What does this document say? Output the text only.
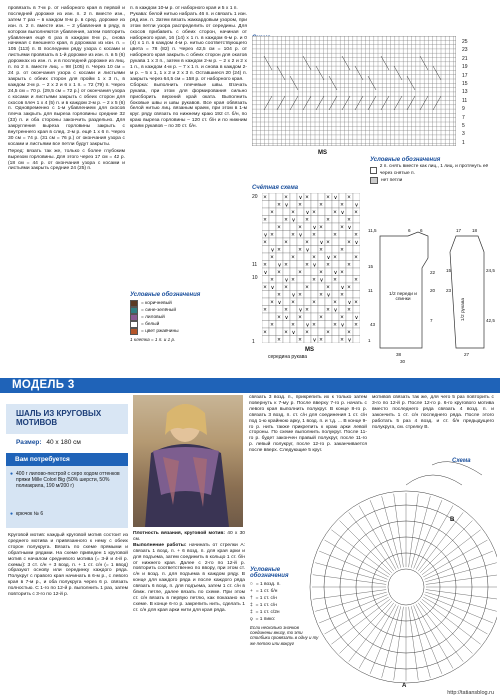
провязать в 7-м р. от наборного края в первой и последней дорожке из изн. п. 2 п. вместе изн., затем 7 раз – в каждом 8-м р. в сред. дорожке из изн. п. 2 п. вместе изн. – 2 убавления в ряду, в котором выполняются убавления, затем повторить убавления ещё 6 раз в каждом 8-м р., снова начиная с внешнего края, в дорожках из изн. п. = 105 (113) п. В последнем ряду узора с косами и листьями провязать в 1-й дорожке из изн. п. в 5 (6) дорожках из изн. п. и в последней дорожке из лиц. п. по 2 п. вместе лиц. = 98 (105) п. Через 10 см = 24 р. от окончания узора с косами и листьями закрыть с обеих сторон для пройм 1 х 3 п., в каждом 2-м р. – 2 х 2 и 6 х 1 п. = 72 (79) п. Через 24,5 см = 70 р. (29,5 см = 72 р.) от окончания узора с косами и листьями закрыть с обеих сторон для скосов плеч 1 х 4 (5) п. и в каждом 2-м р. – 2 х 5 (6) п. Одновременно с 1-м убавлением для скосов плеча закрыть для выреза горловины средние 32 (33) п. и оба стороны закончить раздельно. Для закругления выреза горловины закрыть с внутреннего края в след. 2-м р. ещё 1 х 6 п. Через 30 см = 74 р. (31 см = 76 р.) от окончания узора с косами и листьями все петли будут закрыты.

Перед: вязать так же, только с более глубоким вырезом горловины. Для этого через 17 см = 42 р. (18 см = 44 р. от окончания узора с косами и листьями закрыть средние 24 (25) п.

п. в каждом 10-м р. от наборного края и 5 х 1 п.

Рукава: белой нитью набрать 46 п. и связать 1 изн. ряд изн. п. Затем вязать жаккардовым узором, при этом петли узора распределить от середины. Для скосов прибавить с обеих сторон, начиная от наборного края, 16 (14) х 1 п. в каждом 6-м р. и 0 (4) х 1 п. в каждом 4-м р. нитью соответствующего цвета = 78 (82) п. Через 42,5 см = 104 р. от наборного края закрыть с обеих сторон для окатов рукава 1 х 3 п., затем в каждом 2-м р. – 2 х 2 и 2 х 1 п., в каждом 4-м р. – 7 х 1 п. и снова в каждом 2-м р. – 5 х 1, 1 х 2 и 2 х 3 п. Оставшиеся 20 (24) п. закрыть через 64,5 см = 158 р. от наборного края.

Сборка: выполнить плечевые швы. Втачать рукава, при этом для формирования сильно присборить верхний край оката. Выполнить боковые швы и швы рукавов. Все края обвязать белой нитью лиц. вязаным краем, при этом в 1-м круг. ряду связать по нижнему краю 192 ст. б/н, по краю выреза горловины – 120 ст. б/н и по нижним краям рукавов – по 30 ст. б/н.

25 23 21 19 17 15 13 11 9 7 5 3 1
MS
Условные обозначения
2 п. снять вместе как лиц., 1 лиц. и протянуть её через снятые п.
нет петли
Счётная схема
20
11
10
1
×	× ∨ ×	× ∨ ×
× ∨ ×	×	× ∨
×	× ∨ ×	× ∨ ×
×	× ∨ ×	×	×
×	× ∨ ×	× ∨
∨ ×	× ∨ ×	×	×
×	×	× ∨ ×	× ∨
∨ ×	× ∨ ×	×
×	×	× ∨ ×	×
× ∨ ×	× ∨ ×	×
∨ ×	×	× ∨ ×
× ∨ ×	× ∨ ×	×
× ∨ ×	×	× ∨ ×
× ∨ ×	× ∨ ×
× ∨ ×	×	× ∨ ×
×	× ∨ ×	× ∨ ×
× ∨ ×	×	× ∨
×	× ∨ ×	× ∨ ×
×	× ∨ ×	×	×
×	× ∨ ×	× ∨
MS
середина рукава
Условные обозначения
= коричневый
= сине-зелёный
= лиловый
= белый
= цвет ржавчины
1 клетка = 1 п. и 1 р.
1/2 переди и спинки	1/2 рукава
11,5	6 6
22
20
7
17 18
24,5
43
42,5
27
38
30
15
11
1
15
23
МОДЕЛЬ 3
ШАЛЬ ИЗ КРУГОВЫХ МОТИВОВ
Размер: 40 x 180 см
Вам потребуется
● 400 г лилово-пестрой с серо ходом оттенков пряжи Mille Colori Big (50% шерсти, 50% полиакрила, 190 м/200 г)
● крючок № 6

Круговой мотив: каждый круговой мотив состоит из среднего мотива и привязанного к нему с обеих сторон полукруга. Вязать по схеме прямыми и обратными рядами. На схеме приведен 1 круговой мотив с началом средневого мотива (= 3-й и 4-й р. схемы): 3 ст. с/н + 3 возд. п. + 1 ст. с/н (= 1 ввод) образуют основу или серединку каждого ряда. Полукруг с правого края начинать в 6-м р., с левого края в 7-м р., и оба полукруга через 6 р. связать полностью. С 1-го по 12-й р. выполнить 1 раз, затем повторить с 3-го по 12-й р.

Плотность вязания, круговой мотив: 40 x 30 см.

Выполнение работы: начинать от стрелки А: связать 1 возд. п. + 6 возд. п. для края арки и для подъема, затем соединить в кольцо 1 ст. б/н от нижнего края. Далее с 2-го по 12-й р. повторить соответственно по ввору, при этом ст. с/н и возд. п. для подъема в каждом ряду. В конце для каждого ряда и после каждого ряда связать 6 возд. п. для подъема, затем 1 ст. с/н в ближ. петле, далее вязать по схеме. При этом ст. с/н вязать в первую петлю, как показано на схеме. В конце 6-го р. закрепить нить, сделать 1 ст. с/н для края арки нити для края ряда.

связать 3 возд. п., прикрепить их к только затем повернуть к 7-му р. После вверху 7-го р. начать с левого края выполнить полукруг. В конце 8-го р. связать 3 возд. п. ст. с/н для соединения 1 ст. с/н под 1-ю крайнюю арку, 1 возд. п. и т.д. ... В конце 9-го р. нить также прикрепить к краю арки левой стороны. По схеме выполнить полукруг. После 11-го р. будет закончен правый полукруг, после 11-го р. левый полукруг, после 12-го р. заканчивается после вверх. Следующие 5 круг.

мотивов связать так же, для чего 5 раз повторить с 3-го по 12-й р. После 12-го р. 6-го кругового мотива вместо последнего ряда связать 4 возд. п. и закончить 1 ст. с/н последнего ряда. После этого работать 5 раз 4 возд. и ст. б/н предыдущего полукруга, см. стрелку В.

Схема
В
А
Условные обозначения
○ = 1 возд. п.
+ = 1 ст. б/н
† = 1 ст. с/н
‡ = 1 ст. с/н
‡ = 1 ст. с/2н
ǫ = 1 пико:
Если несколько значков соединены внизу, то эти столбики провязать в одну и ту же петлю или вокруг
http://tatiansblog.ru
